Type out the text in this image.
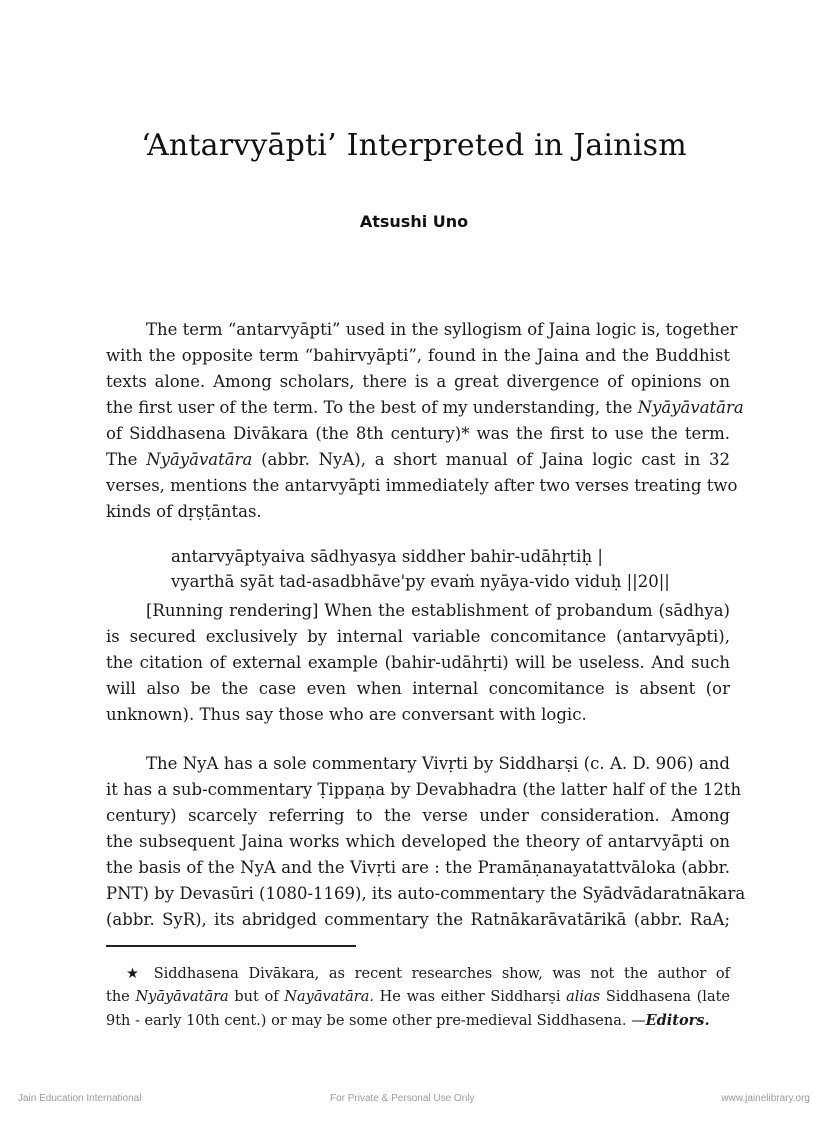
‘Antarvyāpti’ Interpreted in Jainism
Atsushi Uno
The term “antarvyāpti” used in the syllogism of Jaina logic is, together
with the opposite term “bahirvyāpti”, found in the Jaina and the Buddhist
texts alone. Among scholars, there is a great divergence of opinions on
the first user of the term. To the best of my understanding, the Nyāyāvatāra
of Siddhasena Divākara (the 8th century)* was the first to use the term.
The Nyāyāvatāra (abbr. NyA), a short manual of Jaina logic cast in 32
verses, mentions the antarvyāpti immediately after two verses treating two
kinds of dṛṣṭāntas.
antarvyāptyaiva sādhyasya siddher bahir-udāhṛtiḥ |
vyarthā syāt tad-asadbhāve'py evaṁ nyāya-vido viduḥ ||20||
[Running rendering] When the establishment of probandum (sādhya)
is secured exclusively by internal variable concomitance (antarvyāpti),
the citation of external example (bahir-udāhṛti) will be useless. And such
will also be the case even when internal concomitance is absent (or
unknown). Thus say those who are conversant with logic.
The NyA has a sole commentary Vivṛti by Siddharṣi (c. A. D. 906) and
it has a sub-commentary Ṭippaṇa by Devabhadra (the latter half of the 12th
century) scarcely referring to the verse under consideration. Among
the subsequent Jaina works which developed the theory of antarvyāpti on
the basis of the NyA and the Vivṛti are : the Pramāṇanayatattvāloka (abbr.
PNT) by Devasūri (1080-1169), its auto-commentary the Syādvādaratnākara
(abbr. SyR), its abridged commentary the Ratnākarāvatārikā (abbr. RaA;
★ Siddhasena Divākara, as recent researches show, was not the author of
the Nyāyāvatāra but of Nayāvatāra. He was either Siddharṣi alias Siddhasena (late
9th - early 10th cent.) or may be some other pre-medieval Siddhasena. —Editors.
Jain Education International	For Private & Personal Use Only	www.jainelibrary.org
